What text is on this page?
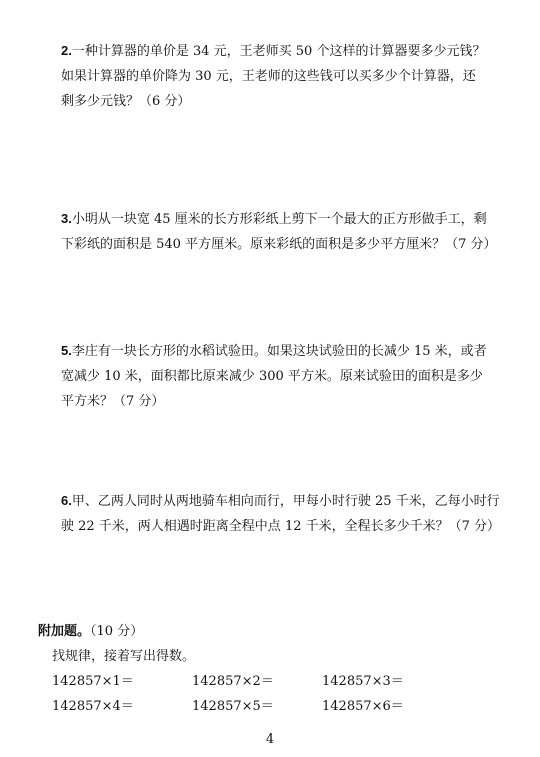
2.一种计算器的单价是 34 元，王老师买 50 个这样的计算器要多少元钱？
如果计算器的单价降为 30 元，王老师的这些钱可以买多少个计算器，还
剩多少元钱？（6 分）
3.小明从一块宽 45 厘米的长方形彩纸上剪下一个最大的正方形做手工，剩
下彩纸的面积是 540 平方厘米。原来彩纸的面积是多少平方厘米？（7 分）
5.李庄有一块长方形的水稻试验田。如果这块试验田的长减少 15 米，或者
宽减少 10 米，面积都比原来减少 300 平方米。原来试验田的面积是多少
平方米？（7 分）
6.甲、乙两人同时从两地骑车相向而行，甲每小时行驶 25 千米，乙每小时行
驶 22 千米，两人相遇时距离全程中点 12 千米，全程长多少千米？（7 分）
附加题。（10 分）
找规律，接着写出得数。
142857×1＝	142857×2＝	142857×3＝
142857×4＝	142857×5＝	142857×6＝
4
